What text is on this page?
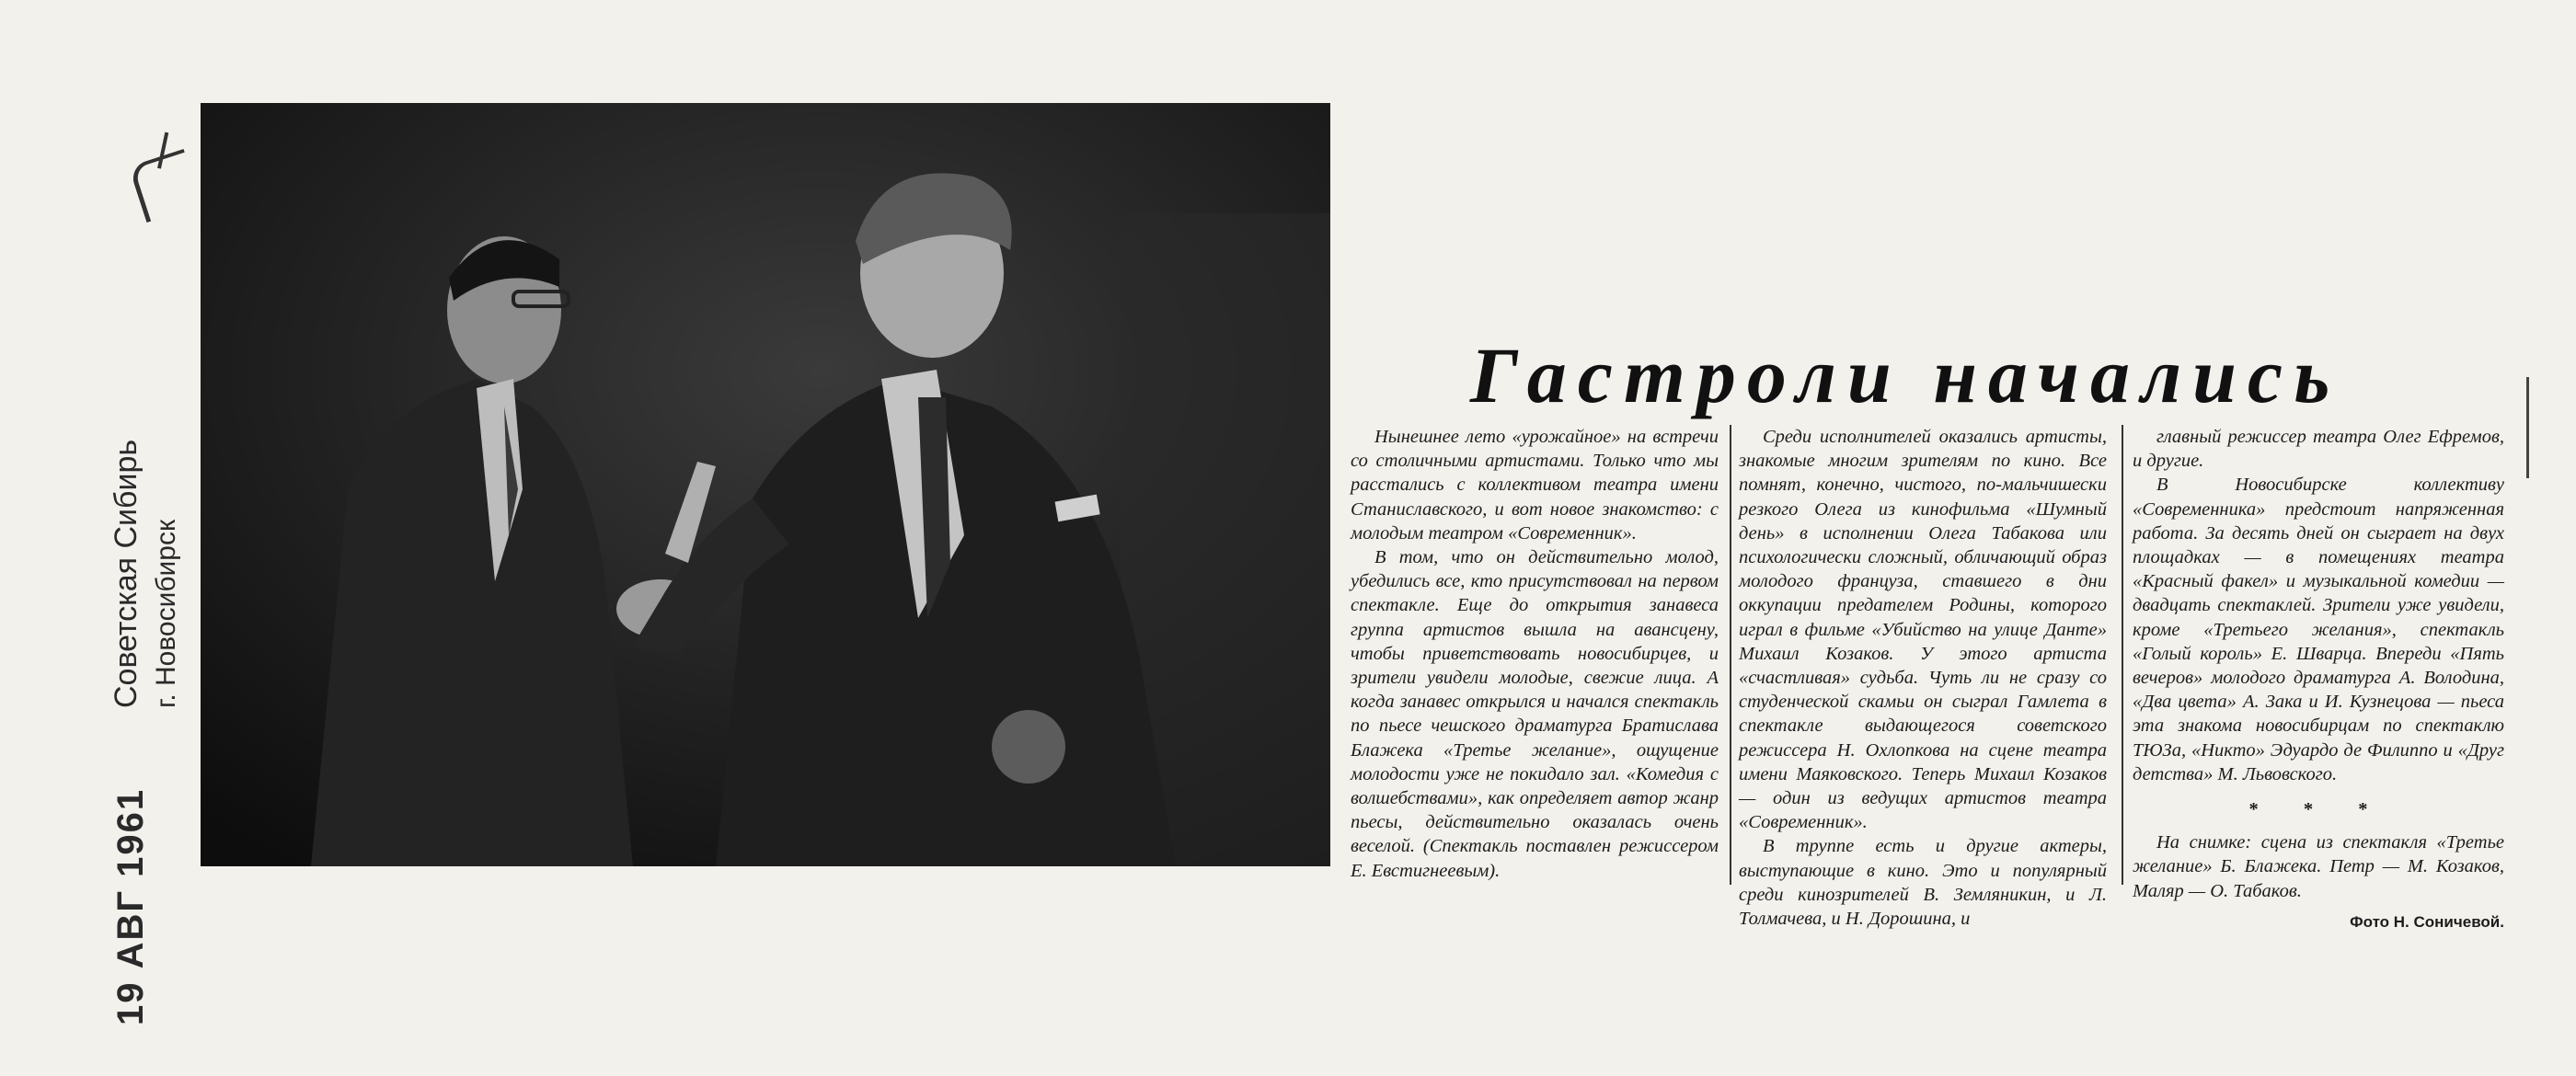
Советская Сибирь г. Новосибирск
19 АВГ 1961
Гастроли начались

Нынешнее лето «урожайное» на встречи со столичными артистами. Только что мы расстались с коллективом театра имени Станиславского, и вот новое знакомство: с молодым театром «Современник».

В том, что он действительно молод, убедились все, кто присутствовал на первом спектакле. Еще до открытия занавеса группа артистов вышла на авансцену, чтобы приветствовать новосибирцев, и зрители увидели молодые, свежие лица. А когда занавес открылся и начался спектакль по пьесе чешского драматурга Братислава Блажека «Третье желание», ощущение молодости уже не покидало зал. «Комедия с волшебствами», как определяет автор жанр пьесы, действительно оказалась очень веселой. (Спектакль поставлен режиссером Е. Евстигнеевым).

Среди исполнителей оказались артисты, знакомые многим зрителям по кино. Все помнят, конечно, чистого, по-мальчишески резкого Олега из кинофильма «Шумный день» в исполнении Олега Табакова или психологически сложный, обличающий образ молодого француза, ставшего в дни оккупации предателем Родины, которого играл в фильме «Убийство на улице Данте» Михаил Козаков. У этого артиста «счастливая» судьба. Чуть ли не сразу со студенческой скамьи он сыграл Гамлета в спектакле выдающегося советского режиссера Н. Охлопкова на сцене театра имени Маяковского. Теперь Михаил Козаков — один из ведущих артистов театра «Современник».

В труппе есть и другие актеры, выступающие в кино. Это и популярный среди кинозрителей В. Земляникин, и Л. Толмачева, и Н. Дорошина, и

главный режиссер театра Олег Ефремов, и другие.

В Новосибирске коллективу «Современника» предстоит напряженная работа. За десять дней он сыграет на двух площадках — в помещениях театра «Красный факел» и музыкальной комедии — двадцать спектаклей. Зрители уже увидели, кроме «Третьего желания», спектакль «Голый король» Е. Шварца. Впереди «Пять вечеров» молодого драматурга А. Володина, «Два цвета» А. Зака и И. Кузнецова — пьеса эта знакома новосибирцам по спектаклю ТЮЗа, «Никто» Эдуардо де Филиппо и «Друг детства» М. Львовского.

* * *

На снимке: сцена из спектакля «Третье желание» Б. Блажека. Петр — М. Козаков, Маляр — О. Табаков.

Фото Н. Соничевой.
